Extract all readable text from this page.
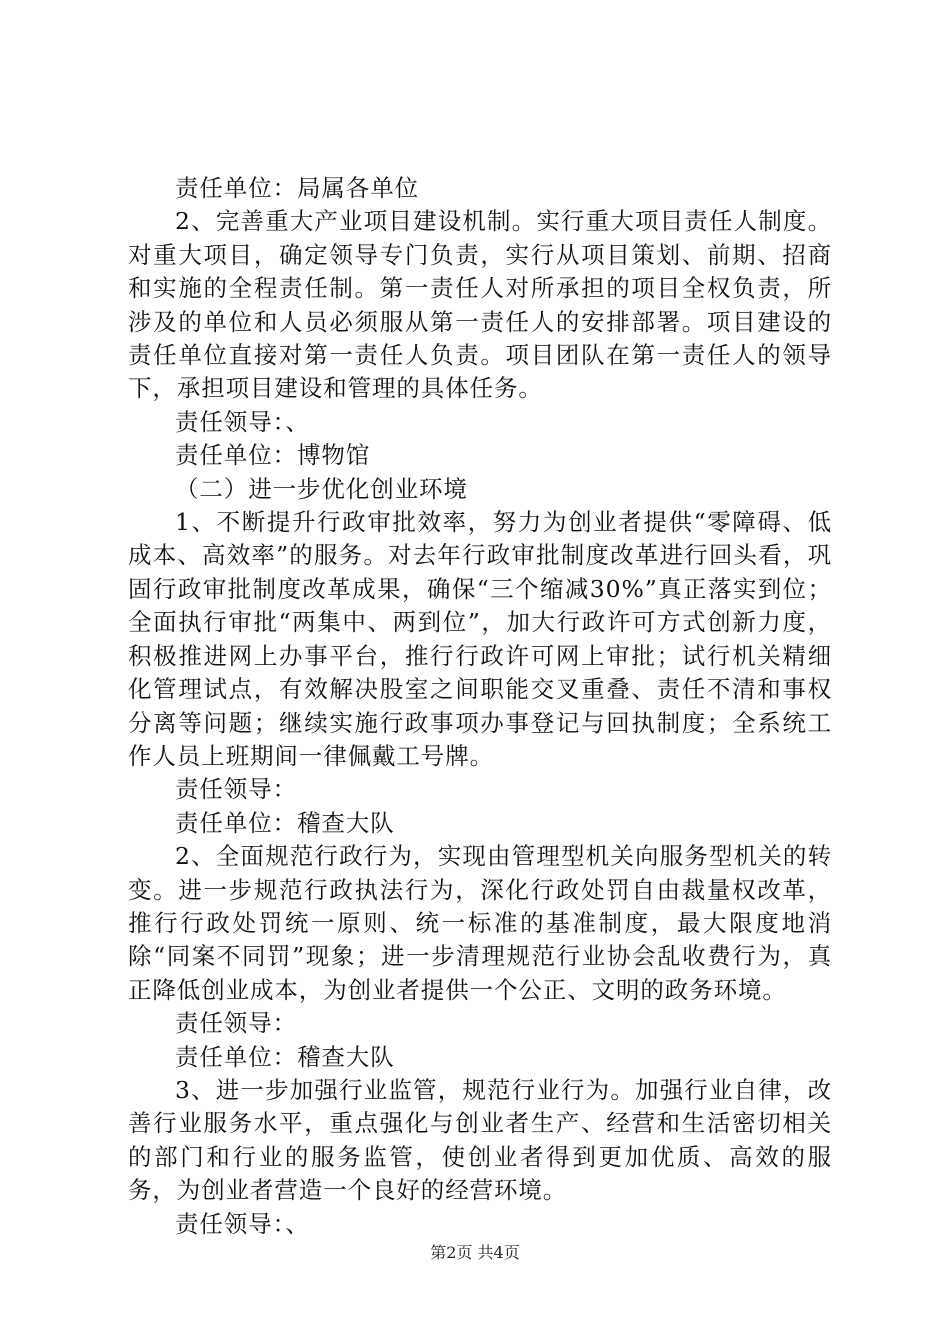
责任单位：局属各单位

2、完善重大产业项目建设机制。实行重大项目责任人制度。对重大项目，确定领导专门负责，实行从项目策划、前期、招商和实施的全程责任制。第一责任人对所承担的项目全权负责，所涉及的单位和人员必须服从第一责任人的安排部署。项目建设的责任单位直接对第一责任人负责。项目团队在第一责任人的领导下，承担项目建设和管理的具体任务。

责任领导：、

责任单位：博物馆

（二）进一步优化创业环境

1、不断提升行政审批效率，努力为创业者提供“零障碍、低成本、高效率”的服务。对去年行政审批制度改革进行回头看，巩固行政审批制度改革成果，确保“三个缩减30%”真正落实到位；全面执行审批“两集中、两到位”，加大行政许可方式创新力度，积极推进网上办事平台，推行行政许可网上审批；试行机关精细化管理试点，有效解决股室之间职能交叉重叠、责任不清和事权分离等问题；继续实施行政事项办事登记与回执制度；全系统工作人员上班期间一律佩戴工号牌。

责任领导：

责任单位：稽查大队

2、全面规范行政行为，实现由管理型机关向服务型机关的转变。进一步规范行政执法行为，深化行政处罚自由裁量权改革，推行行政处罚统一原则、统一标准的基准制度，最大限度地消除“同案不同罚”现象；进一步清理规范行业协会乱收费行为，真正降低创业成本，为创业者提供一个公正、文明的政务环境。

责任领导：

责任单位：稽查大队

3、进一步加强行业监管，规范行业行为。加强行业自律，改善行业服务水平，重点强化与创业者生产、经营和生活密切相关的部门和行业的服务监管，使创业者得到更加优质、高效的服务，为创业者营造一个良好的经营环境。

责任领导：、

第2页 共4页
